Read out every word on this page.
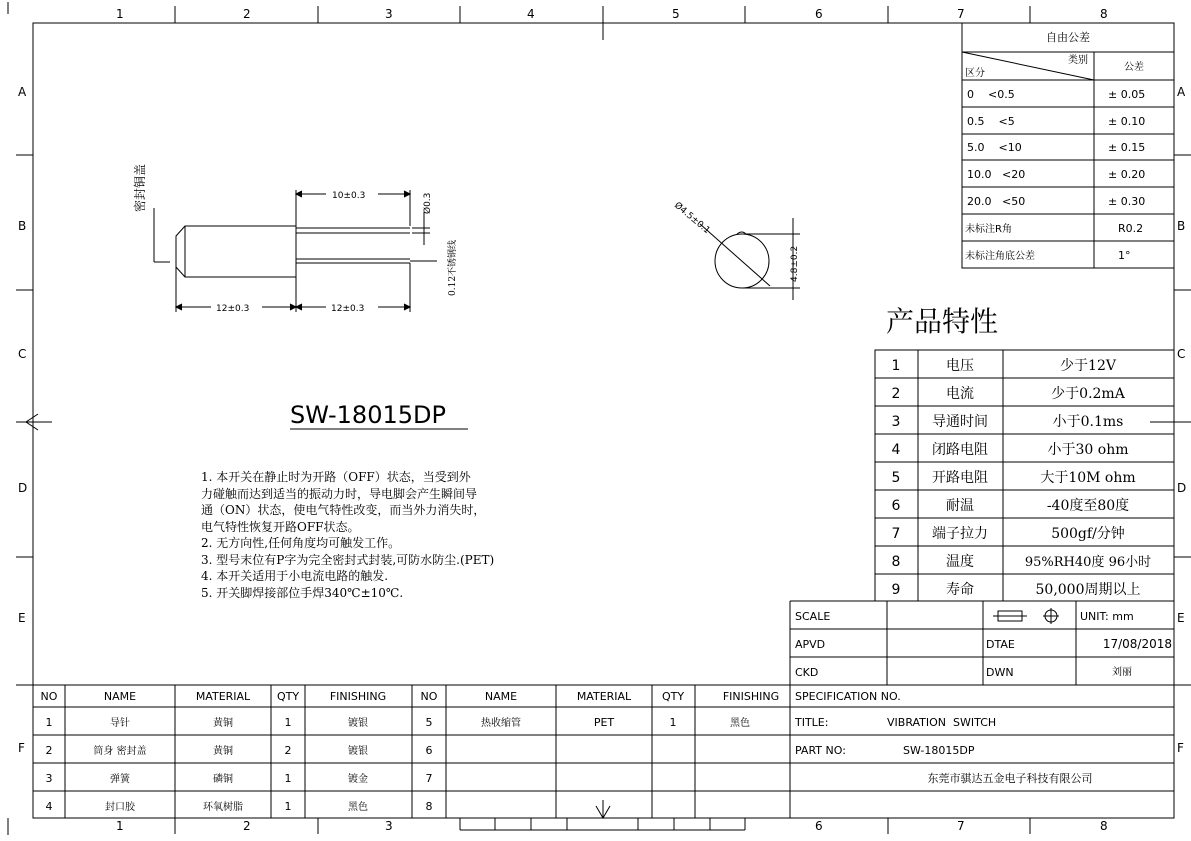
1	2	3	4	5	6	7	8
1	2	3	6	7	8
A
B
C
D
E
F
A
B
C
D
E
F
自由公差
区分
类别
公差
0    <0.5	± 0.05
0.5    <5	± 0.10
5.0    <10	± 0.15
10.0   <20	± 0.20
20.0   <50	± 0.30
未标注R角	R0.2
未标注角底公差	1°
10±0.3	Ø0.3
0.12不锈钢线
密封铜盖
12±0.3	12±0.3
Ø4.5±0.1
4.8±0.2
SW-18015DP
产品特性
1	电压	少于12V
2	电流	少于0.2mA
3 导通时间	小于0.1ms
4 闭路电阻	小于30 ohm
5 开路电阻	大于10M ohm
6	耐温	-40度至80度
7 端子拉力	500gf/分钟
8	温度	95%RH40度 96小时
9	寿命	50,000周期以上
SCALE	UNIT: mm
APVD	DTAE	17/08/2018
CKD	DWN	刘丽
SPECIFICATION NO.
TITLE:	VIBRATION  SWITCH
PART NO:	SW-18015DP
东莞市骐达五金电子科技有限公司
NO	NAME	MATERIAL QTY	FINISHING	NO	NAME	MATERIAL	QTY	FINISHING
1	导针	黄铜	1	镀银	5	热收缩管	PET	1	黑色
2	筒身 密封盖	黄铜	2	镀银	6
3	弹簧	磷铜	1	镀金	7
4	封口胶	环氧树脂	1	黑色	8
1. 本开关在静止时为开路（OFF）状态，当受到外
力碰触而达到适当的振动力时，导电脚会产生瞬间导
通（ON）状态，使电气特性改变，而当外力消失时，
电气特性恢复开路OFF状态。
2. 无方向性,任何角度均可触发工作。
3. 型号末位有P字为完全密封式封装,可防水防尘.(PET)
4. 本开关适用于小电流电路的触发.
5. 开关脚焊接部位手焊340℃±10℃.
